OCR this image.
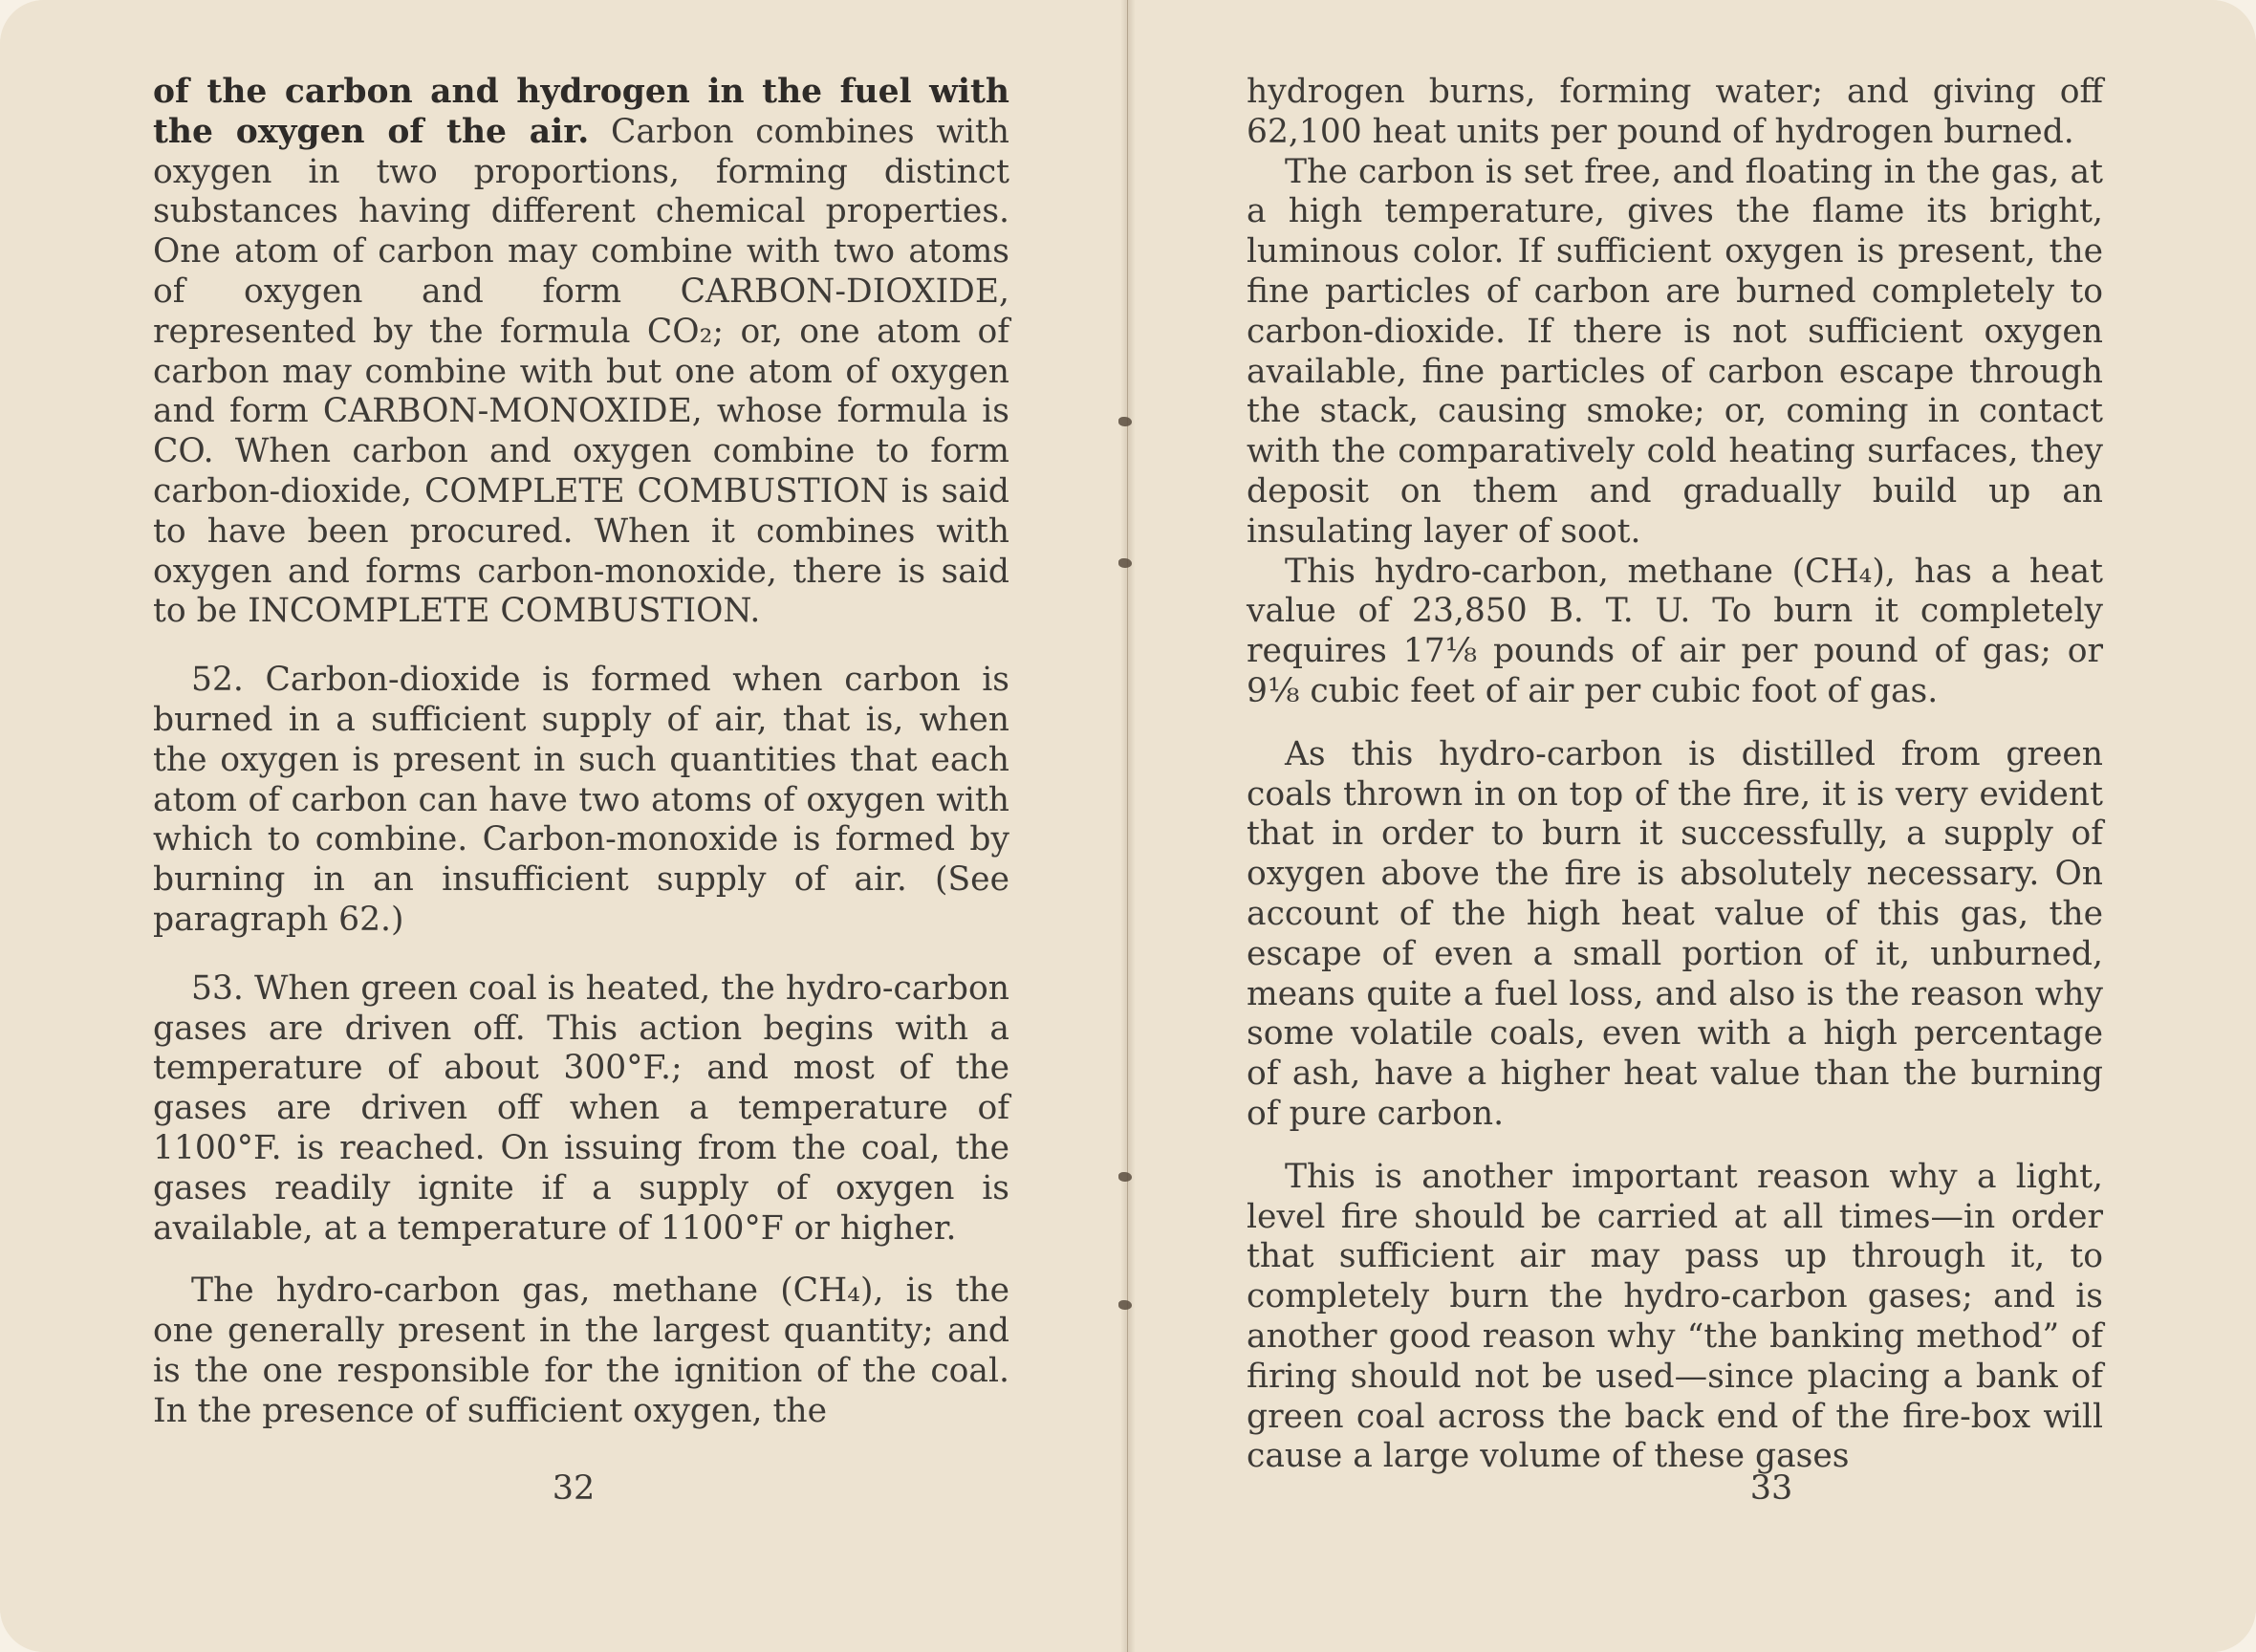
of the carbon and hydrogen in the fuel with the oxygen of the air. Carbon combines with oxygen in two proportions, forming distinct substances having different chemical properties. One atom of carbon may combine with two atoms of oxygen and form CARBON-DIOXIDE, represented by the formula CO₂; or, one atom of carbon may combine with but one atom of oxygen and form CARBON-MONOXIDE, whose formula is CO. When carbon and oxygen combine to form carbon-dioxide, COMPLETE COMBUSTION is said to have been procured. When it combines with oxygen and forms carbon-monoxide, there is said to be INCOMPLETE COMBUSTION.

52. Carbon-dioxide is formed when carbon is burned in a sufficient supply of air, that is, when the oxygen is present in such quantities that each atom of carbon can have two atoms of oxygen with which to combine. Carbon-monoxide is formed by burning in an insufficient supply of air. (See paragraph 62.)

53. When green coal is heated, the hydro-carbon gases are driven off. This action begins with a temperature of about 300°F.; and most of the gases are driven off when a temperature of 1100°F. is reached. On issuing from the coal, the gases readily ignite if a supply of oxygen is available, at a temperature of 1100°F or higher.

The hydro-carbon gas, methane (CH₄), is the one generally present in the largest quantity; and is the one responsible for the ignition of the coal. In the presence of sufficient oxygen, the

32

hydrogen burns, forming water; and giving off 62,100 heat units per pound of hydrogen burned.

The carbon is set free, and floating in the gas, at a high temperature, gives the flame its bright, luminous color. If sufficient oxygen is present, the fine particles of carbon are burned completely to carbon-dioxide. If there is not sufficient oxygen available, fine particles of carbon escape through the stack, causing smoke; or, coming in contact with the comparatively cold heating surfaces, they deposit on them and gradually build up an insulating layer of soot.

This hydro-carbon, methane (CH₄), has a heat value of 23,850 B. T. U. To burn it completely requires 17⅛ pounds of air per pound of gas; or 9⅛ cubic feet of air per cubic foot of gas.

As this hydro-carbon is distilled from green coals thrown in on top of the fire, it is very evident that in order to burn it successfully, a supply of oxygen above the fire is absolutely necessary. On account of the high heat value of this gas, the escape of even a small portion of it, unburned, means quite a fuel loss, and also is the reason why some volatile coals, even with a high percentage of ash, have a higher heat value than the burning of pure carbon.

This is another important reason why a light, level fire should be carried at all times—in order that sufficient air may pass up through it, to completely burn the hydro-carbon gases; and is another good reason why “the banking method” of firing should not be used—since placing a bank of green coal across the back end of the fire-box will cause a large volume of these gases

33
